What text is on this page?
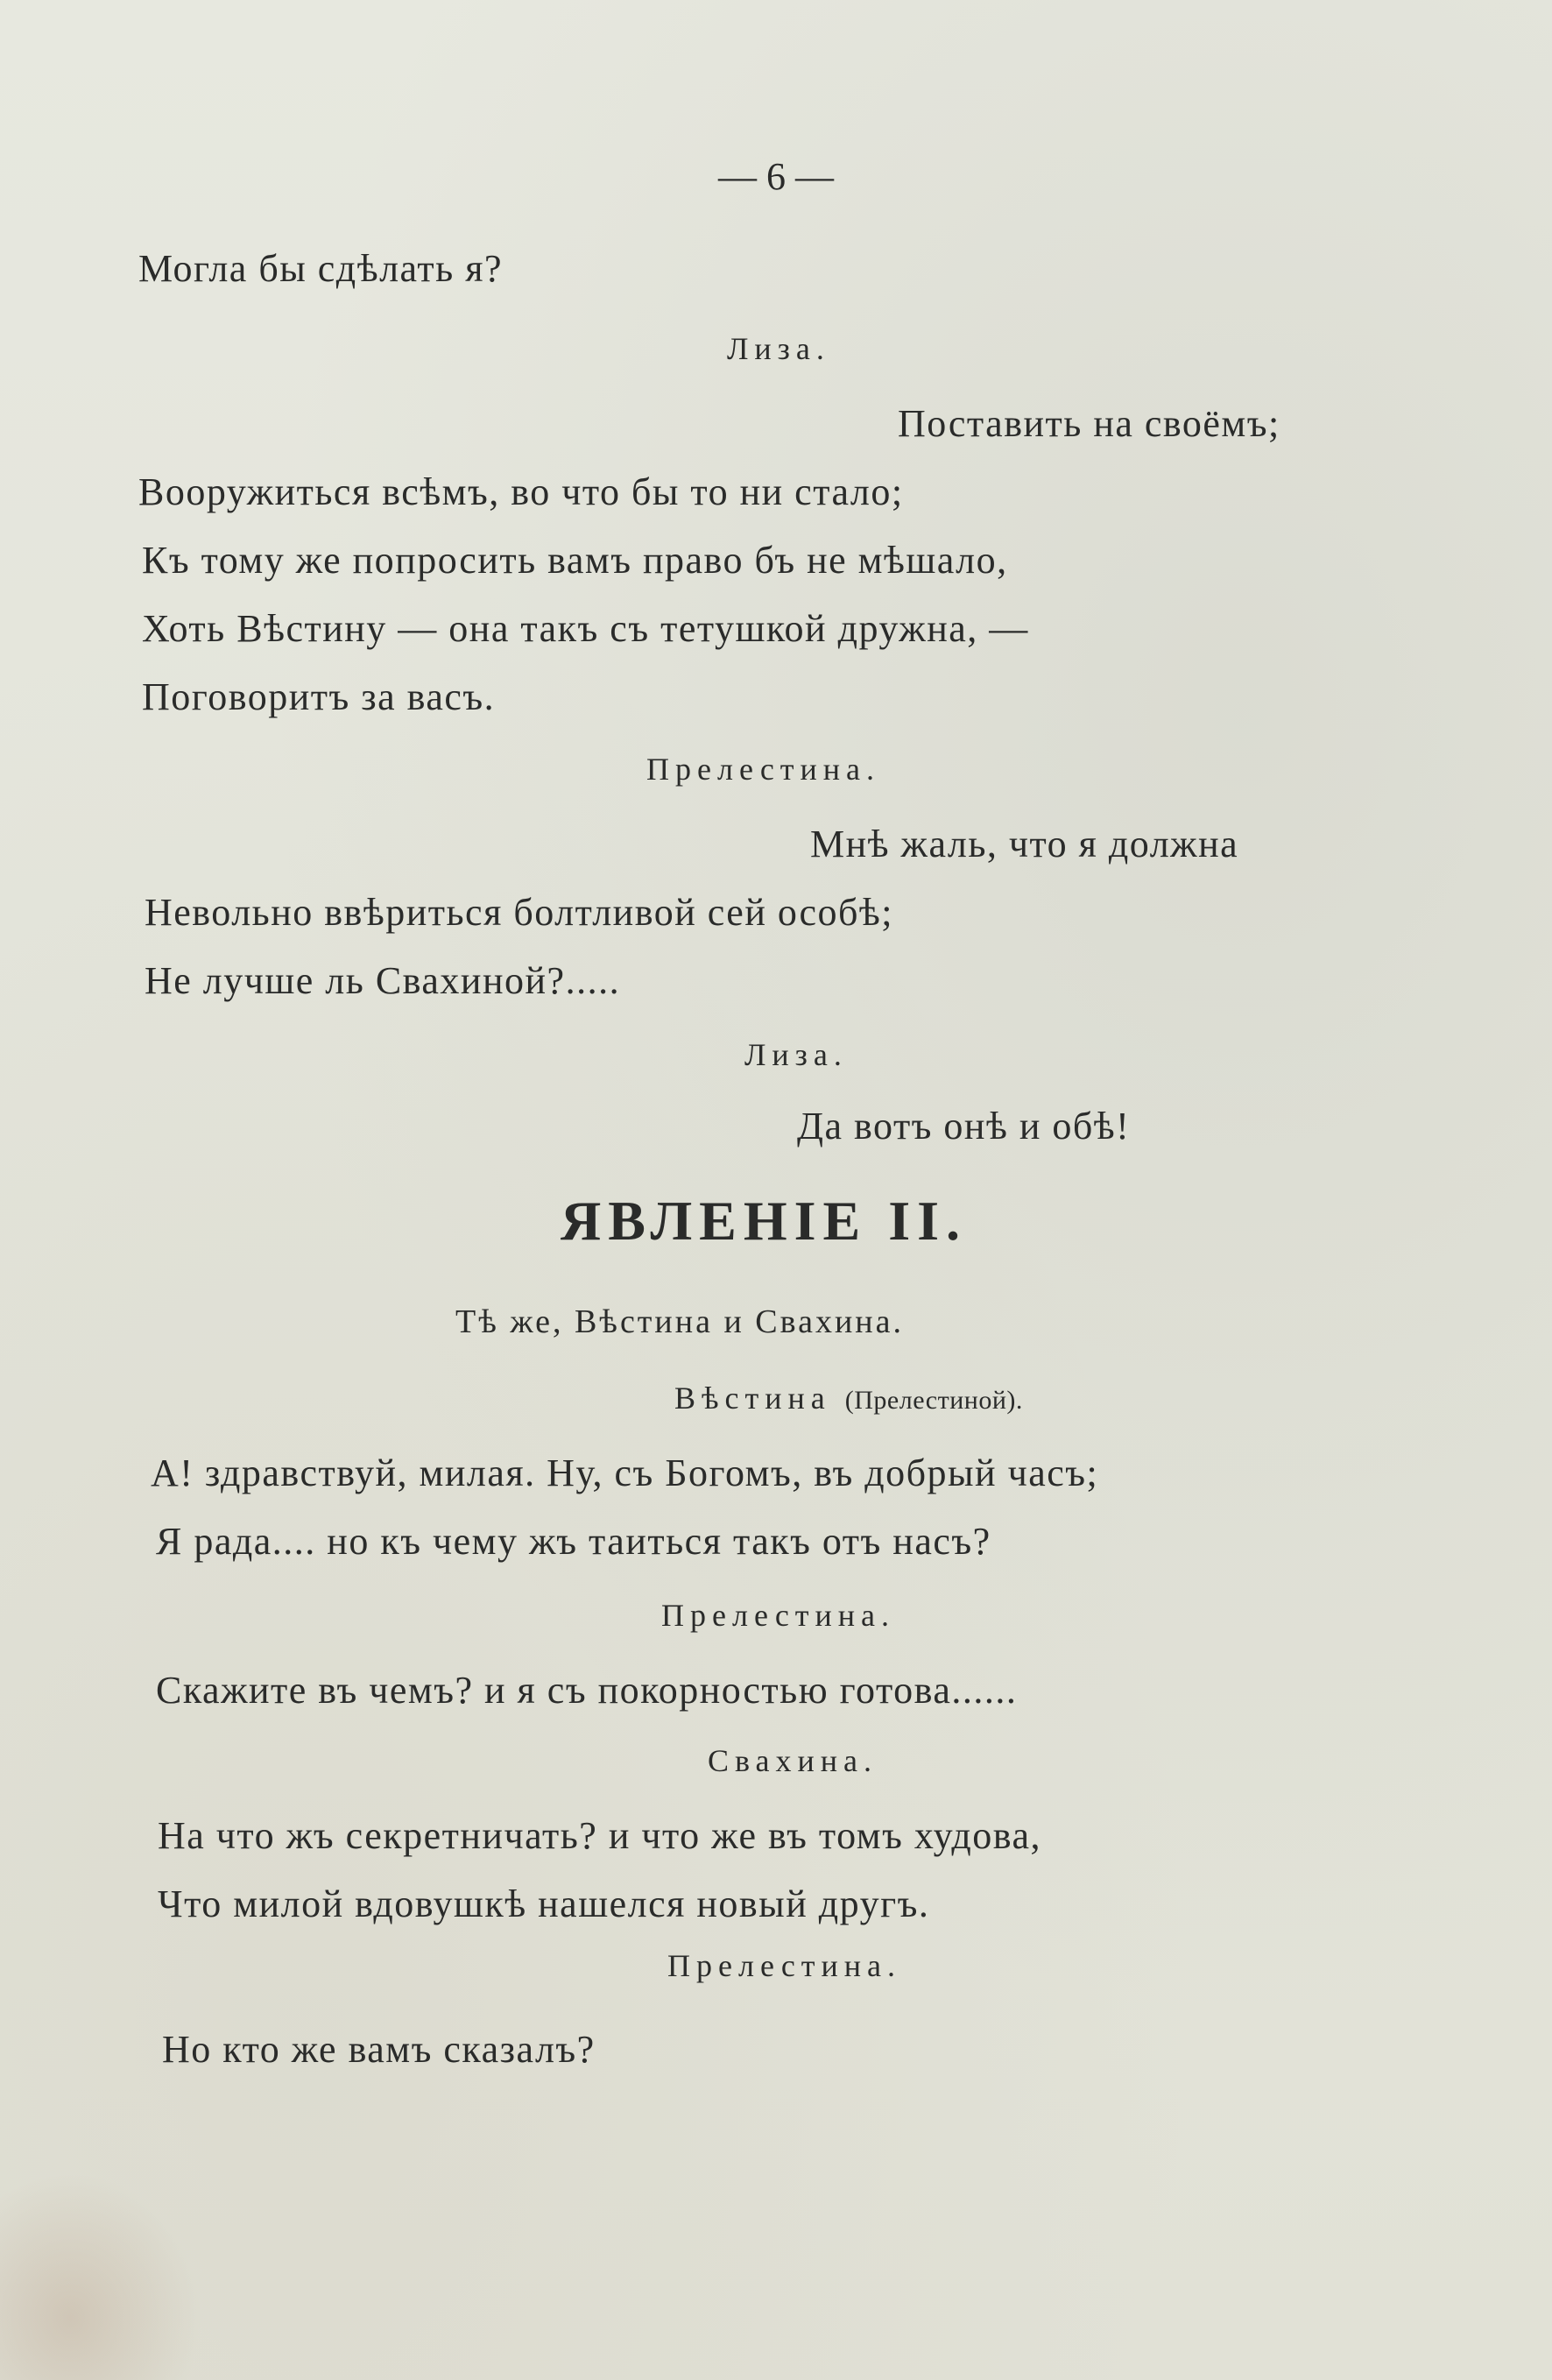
— 6 —
Могла бы сдѣлать я?
Лиза.
Поставить на своёмъ;
Вооружиться всѣмъ, во что бы то ни стало;
Къ тому же попросить вамъ право бъ не мѣшало,
Хоть Вѣстину — она такъ съ тетушкой дружна, —
Поговоритъ за васъ.
Прелестина.
Мнѣ жаль, что я должна
Невольно ввѣриться болтливой сей особѣ;
Не лучше ль Свахиной?.....
Лиза.
Да вотъ онѣ и обѣ!
ЯВЛЕНІЕ II.
Тѣ же, Вѣстина и Свахина.
Вѣстина (Прелестиной).
А! здравствуй, милая. Ну, съ Богомъ, въ добрый часъ;
Я рада.... но къ чему жъ таиться такъ отъ насъ?
Прелестина.
Скажите въ чемъ? и я съ покорностью готова......
Свахина.
На что жъ секретничать? и что же въ томъ худова,
Что милой вдовушкѣ нашелся новый другъ.
Прелестина.
Но кто же вамъ сказалъ?
